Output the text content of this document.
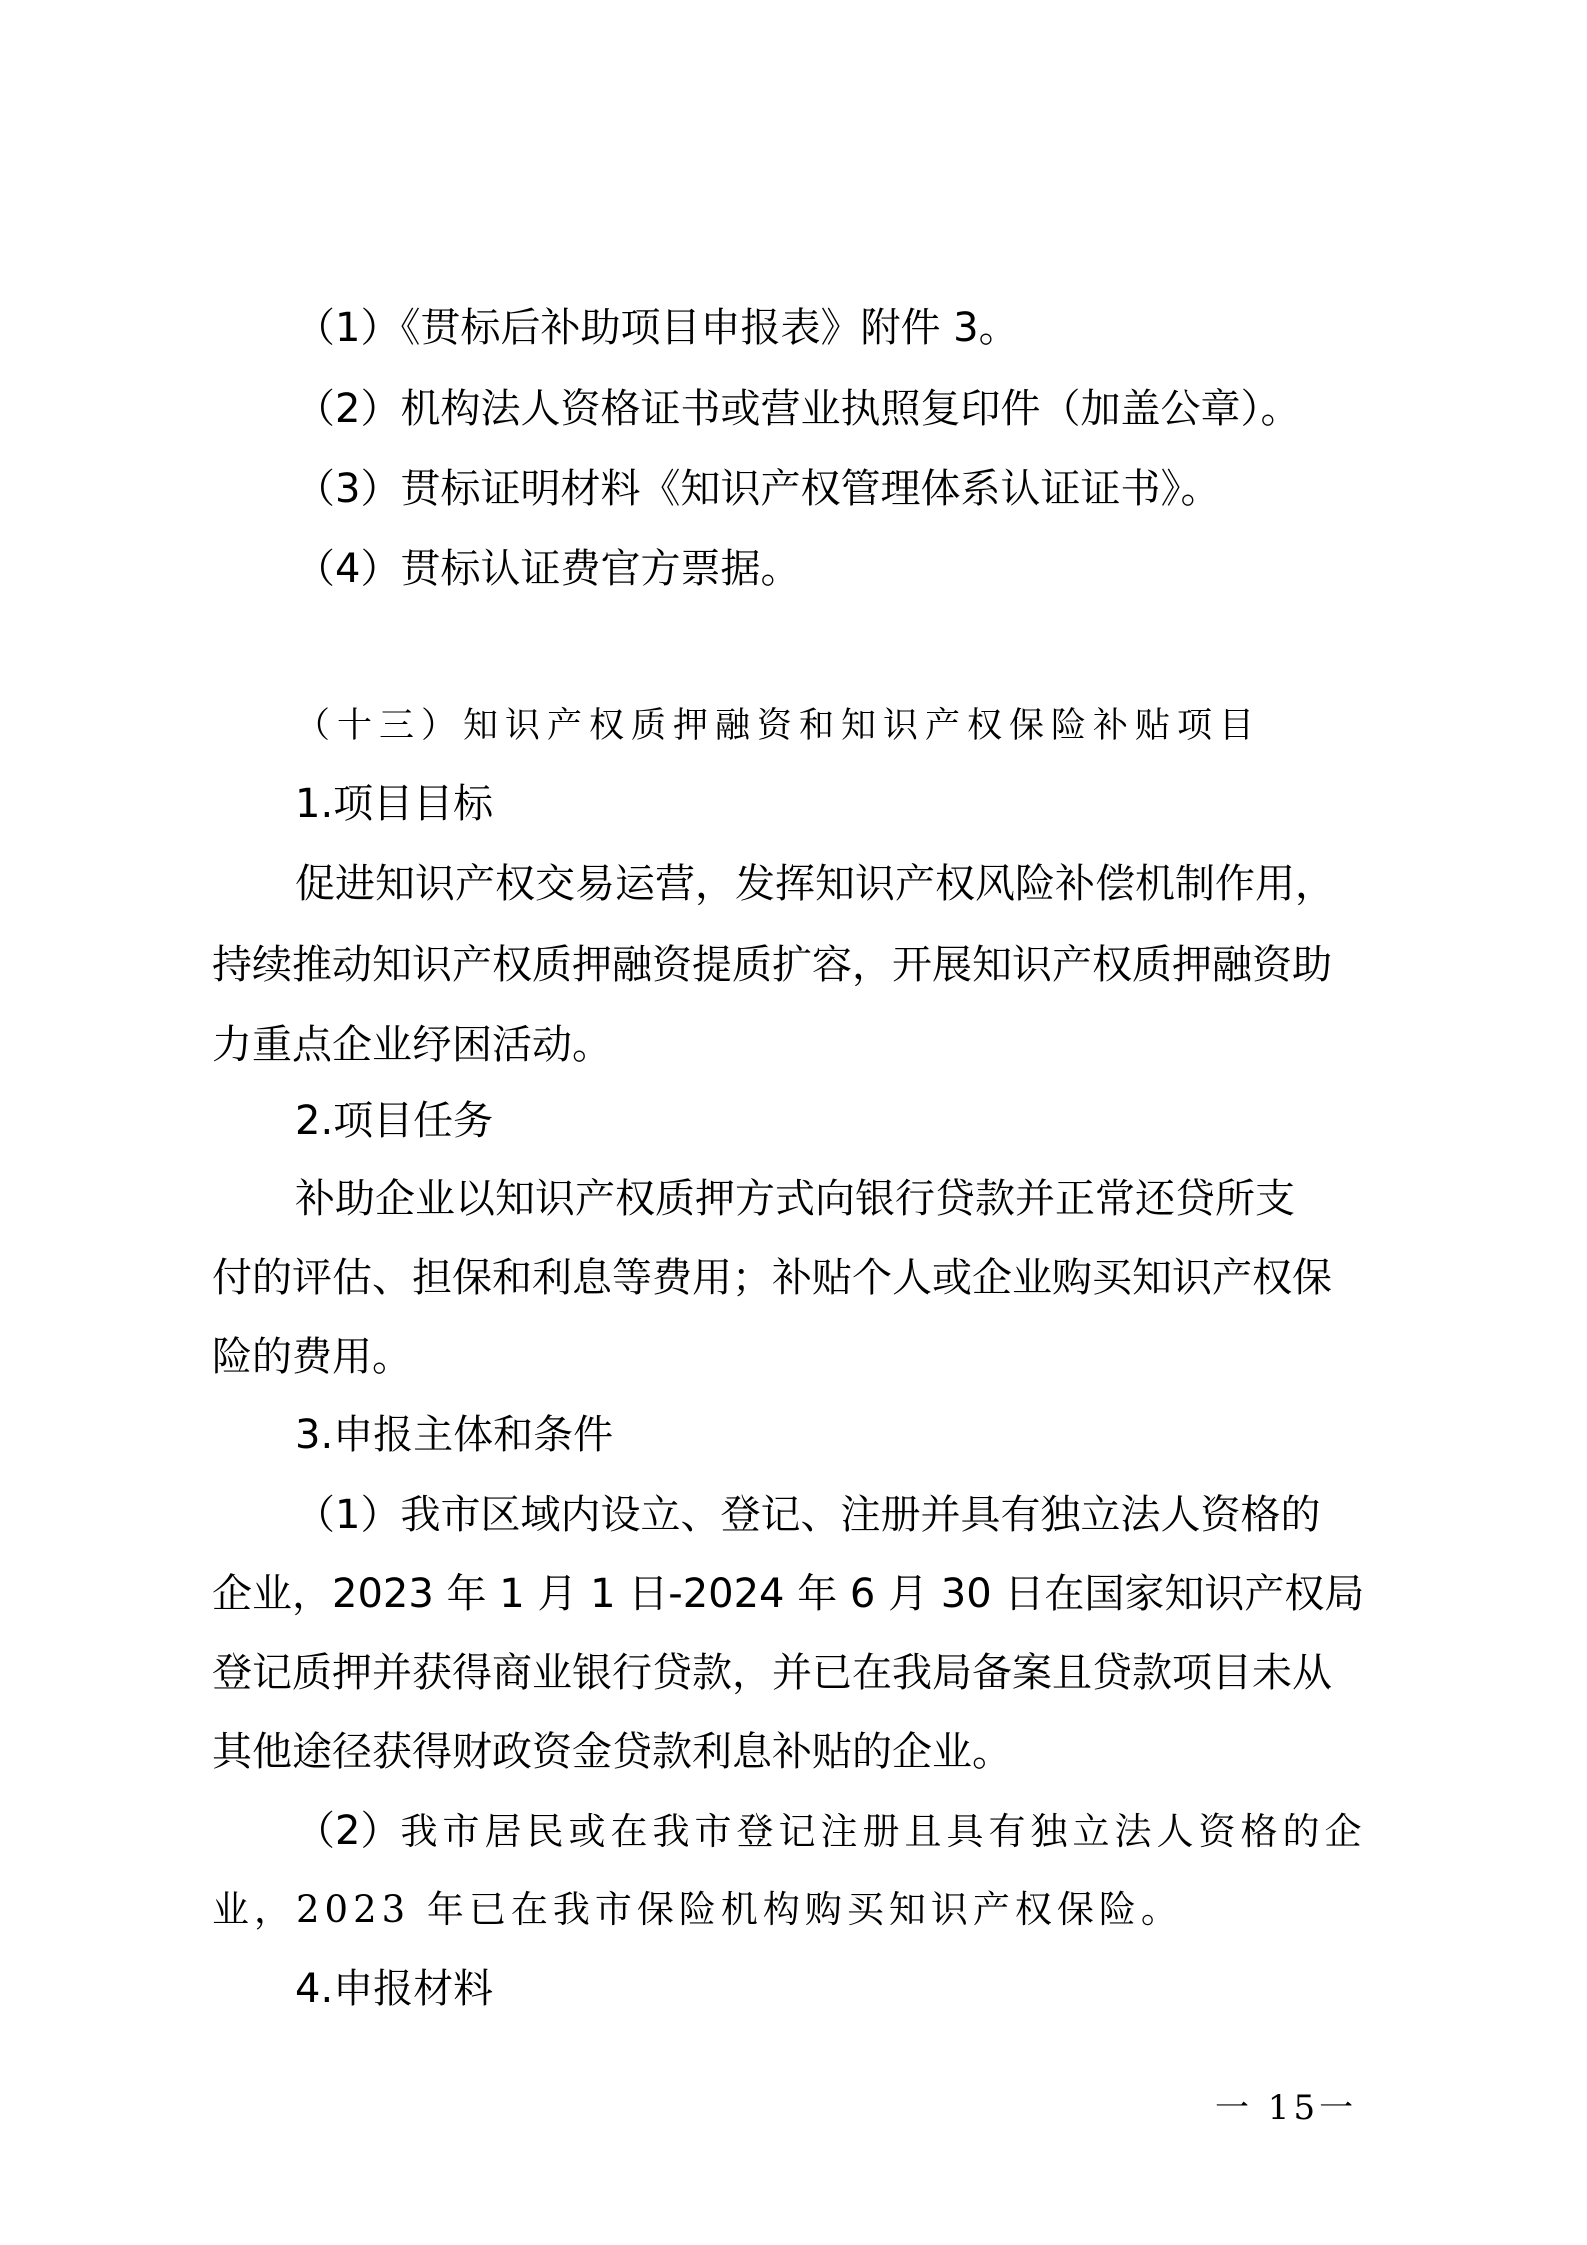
（1）《贯标后补助项目申报表》附件 3。
（2）机构法人资格证书或营业执照复印件（加盖公章）。
（3）贯标证明材料《知识产权管理体系认证证书》。
（4）贯标认证费官方票据。
（十三）知识产权质押融资和知识产权保险补贴项目
1.项目目标
促进知识产权交易运营，发挥知识产权风险补偿机制作用，
持续推动知识产权质押融资提质扩容，开展知识产权质押融资助
力重点企业纾困活动。
2.项目任务
补助企业以知识产权质押方式向银行贷款并正常还贷所支
付的评估、担保和利息等费用；补贴个人或企业购买知识产权保
险的费用。
3.申报主体和条件
（1）我市区域内设立、登记、注册并具有独立法人资格的
企业，2023 年 1 月 1 日-2024 年 6 月 30 日在国家知识产权局
登记质押并获得商业银行贷款，并已在我局备案且贷款项目未从
其他途径获得财政资金贷款利息补贴的企业。
（2）我市居民或在我市登记注册且具有独立法人资格的企
业，2023 年已在我市保险机构购买知识产权保险。
4.申报材料
一 15一
